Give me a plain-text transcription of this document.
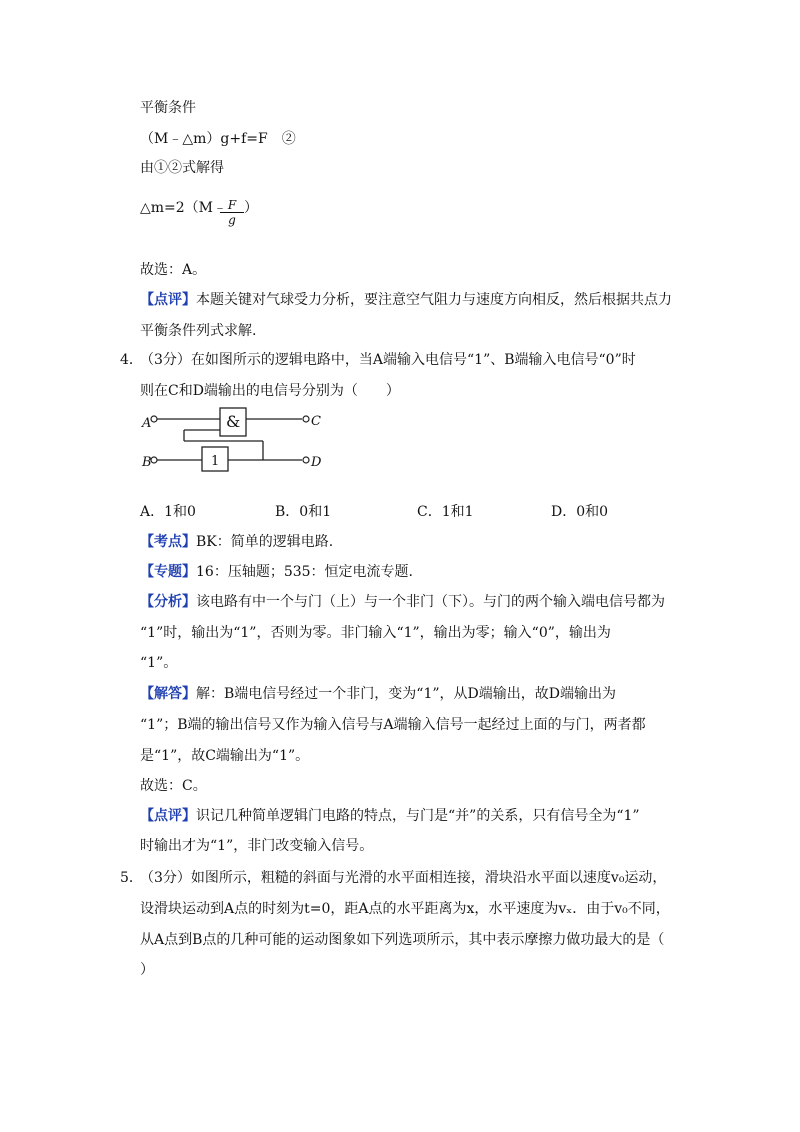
平衡条件
（M﹣△m）g+f=F　②
由①②式解得
△m=2（M﹣
$\frac{F}{g}$ ）
故选：A。
【点评】本题关键对气球受力分析，要注意空气阻力与速度方向相反，然后根据共点力
平衡条件列式求解.
4．
（3分）在如图所示的逻辑电路中，当A端输入电信号“1”、B端输入电信号“0”时
则在C和D端输出的电信号分别为（　　）
A	C
B	D
&
1
A．1和0	B．0和1	C．1和1	D．0和0
【考点】BK：简单的逻辑电路.
【专题】16：压轴题；535：恒定电流专题.
【分析】该电路有中一个与门（上）与一个非门（下）。与门的两个输入端电信号都为
“1”时，输出为“1”，否则为零。非门输入“1”，输出为零；输入“0”，输出为
“1”。
【解答】解：B端电信号经过一个非门，变为“1”，从D端输出，故D端输出为
“1”；B端的输出信号又作为输入信号与A端输入信号一起经过上面的与门，两者都
是“1”，故C端输出为“1”。
故选：C。
【点评】识记几种简单逻辑门电路的特点，与门是“并”的关系，只有信号全为“1”
时输出才为“1”，非门改变输入信号。
5．
（3分）如图所示，粗糙的斜面与光滑的水平面相连接，滑块沿水平面以速度v₀运动，
设滑块运动到A点的时刻为t=0，距A点的水平距离为x，水平速度为vₓ．由于v₀不同，
从A点到B点的几种可能的运动图象如下列选项所示，其中表示摩擦力做功最大的是（
）
